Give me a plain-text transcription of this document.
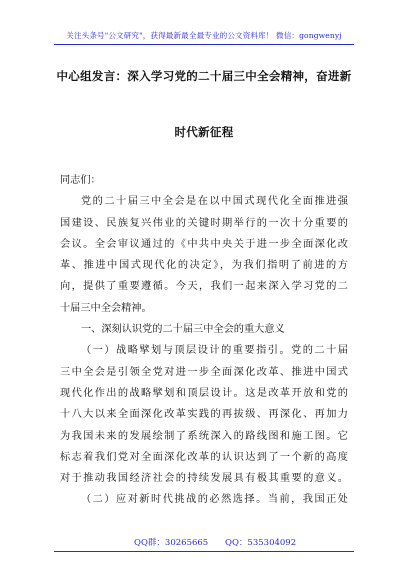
关注头条号"公文研究"，获得最新最全最专业的公文资料库！ 微信：gongwenyj
中心组发言：深入学习党的二十届三中全会精神，奋进新
时代新征程
同志们：
党的二十届三中全会是在以中国式现代化全面推进强
国建设、民族复兴伟业的关键时期举行的一次十分重要的
会议。全会审议通过的《中共中央关于进一步全面深化改
革、推进中国式现代化的决定》，为我们指明了前进的方
向，提供了重要遵循。今天，我们一起来深入学习党的二
十届三中全会精神。
一、深刻认识党的二十届三中全会的重大意义
（一）战略擘划与顶层设计的重要指引。党的二十届
三中全会是引领全党对进一步全面深化改革、推进中国式
现代化作出的战略擘划和顶层设计。这是改革开放和党的
十八大以来全面深化改革实践的再拔级、再深化、再加力
为我国未来的发展绘制了系统深入的路线图和施工图。它
标志着我们党对全面深化改革的认识达到了一个新的高度
对于推动我国经济社会的持续发展具有极其重要的意义。
（二）应对新时代挑战的必然选择。当前，我国正处
QQ群：30265665 QQ：535304092
